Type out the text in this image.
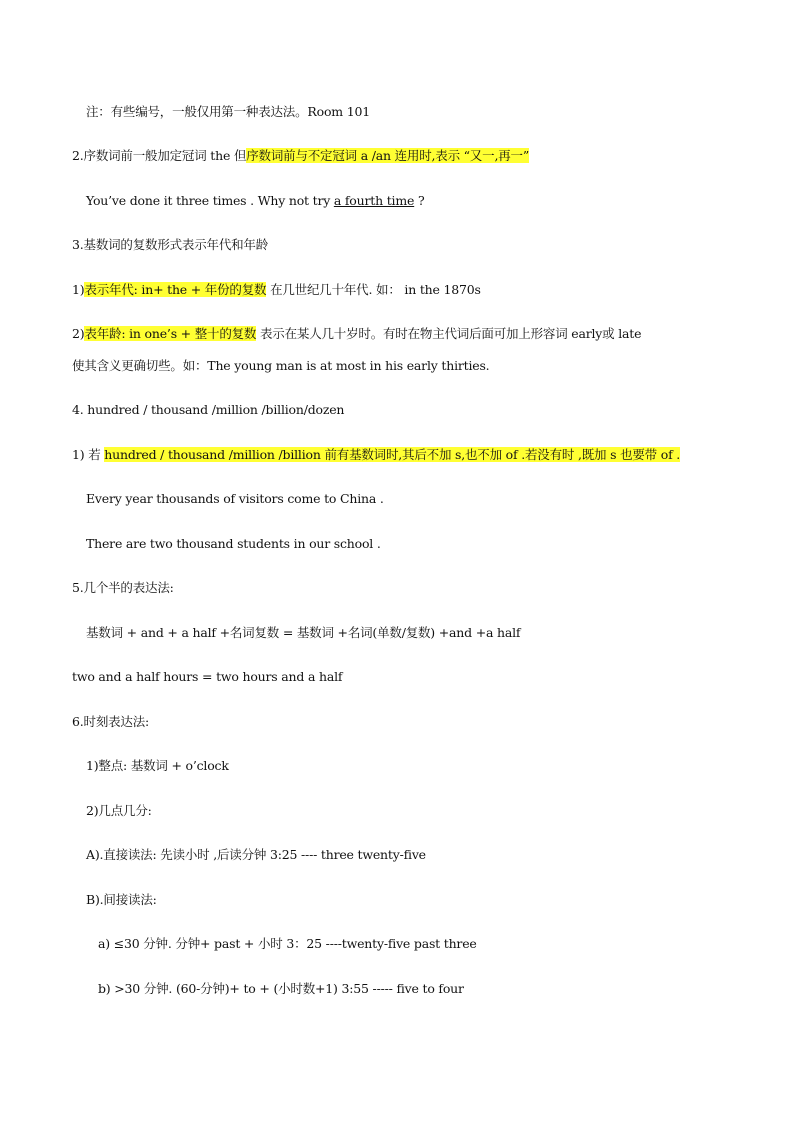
注：有些编号，一般仅用第一种表达法。Room 101
2.序数词前一般加定冠词 the 但序数词前与不定冠词 a /an 连用时,表示 “又一,再一”
You’ve done it three times . Why not try a fourth time ?
3.基数词的复数形式表示年代和年龄
1)表示年代: in+ the + 年份的复数 在几世纪几十年代. 如： in the 1870s
2)表年龄: in one’s + 整十的复数 表示在某人几十岁时。有时在物主代词后面可加上形容词 early或 late
使其含义更确切些。如：The young man is at most in his early thirties.
4. hundred / thousand /million /billion/dozen
1) 若 hundred / thousand /million /billion 前有基数词时,其后不加 s,也不加 of .若没有时 ,既加 s 也要带 of .
Every year thousands of visitors come to China .
There are two thousand students in our school .
5.几个半的表达法:
基数词 + and + a half +名词复数 = 基数词 +名词(单数/复数) +and +a half
two and a half hours = two hours and a half
6.时刻表达法:
1)整点: 基数词 + o’clock
2)几点几分:
A).直接读法: 先读小时 ,后读分钟 3:25 ---- three twenty-five
B).间接读法:
a) ≤30 分钟. 分钟+ past + 小时 3：25 ----twenty-five past three
b) >30 分钟. (60-分钟)+ to + (小时数+1) 3:55 ----- five to four
